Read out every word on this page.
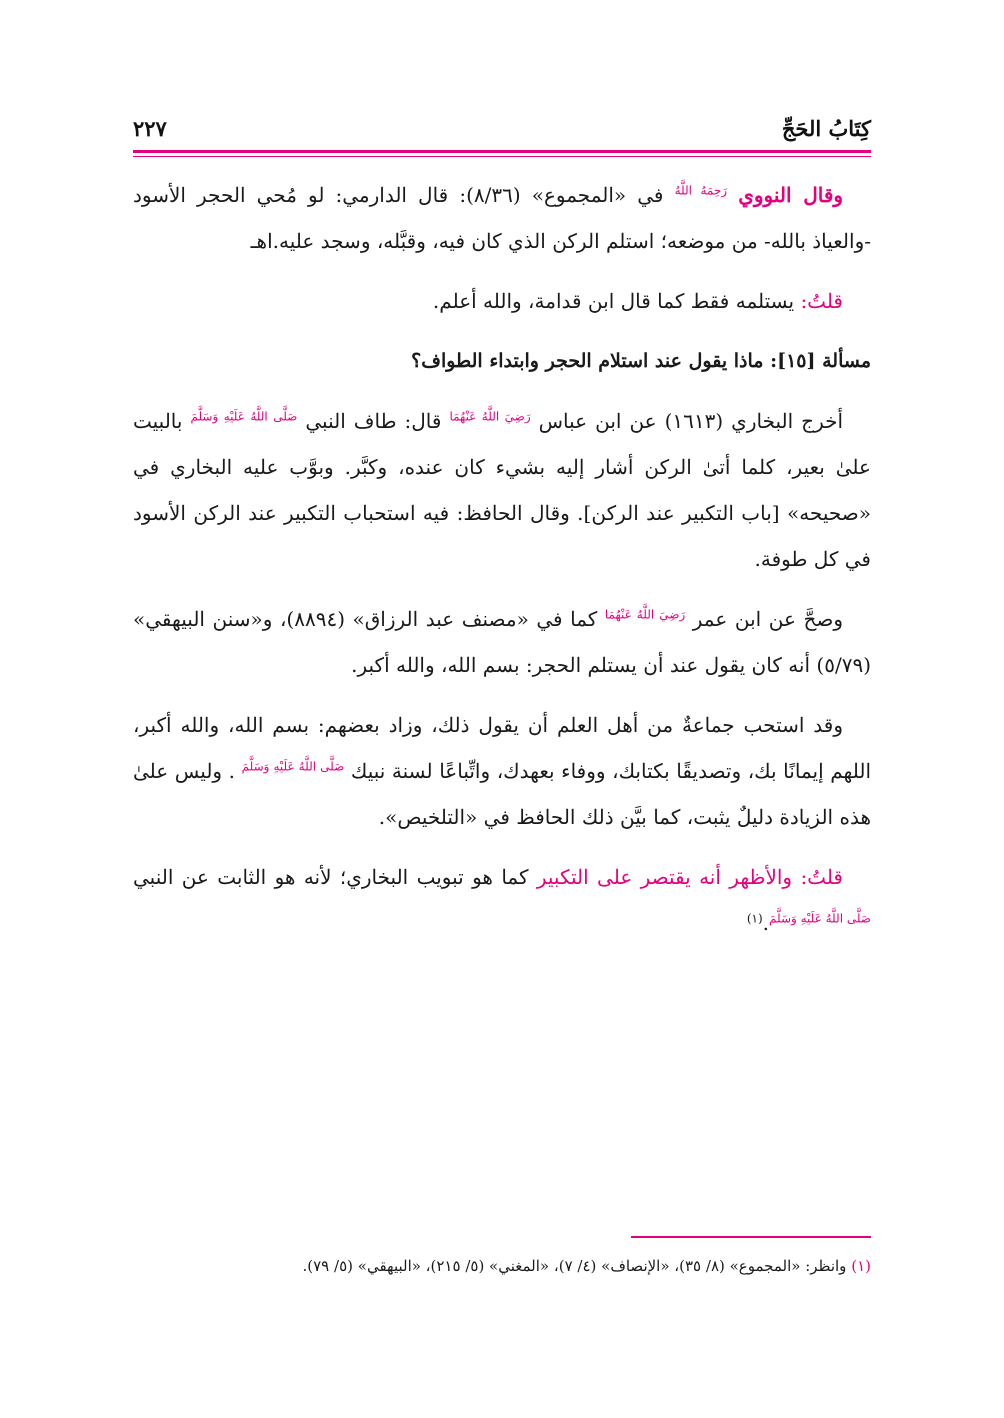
كِتَابُ الحَجِّ
٢٢٧

وقال النووي $^{رَحِمَهُ اللَّهُ}$ في «المجموع» (٨/٣٦): قال الدارمي: لو مُحي الحجر الأسود -والعياذ بالله- من موضعه؛ استلم الركن الذي كان فيه، وقبَّله، وسجد عليه.اهـ

قلتُ: يستلمه فقط كما قال ابن قدامة، والله أعلم.

مسألة [١٥]: ماذا يقول عند استلام الحجر وابتداء الطواف؟

أخرج البخاري (١٦١٣) عن ابن عباس $^{رَضِيَ اللَّهُ عَنْهُمَا}$ قال: طاف النبي $^{صَلَّى اللَّهُ عَلَيْهِ وَسَلَّمَ}$ بالبيت علىٰ بعير، كلما أتىٰ الركن أشار إليه بشيء كان عنده، وكبَّر. وبوَّب عليه البخاري في «صحيحه» [باب التكبير عند الركن]. وقال الحافظ: فيه استحباب التكبير عند الركن الأسود في كل طوفة.

وصحَّ عن ابن عمر $^{رَضِيَ اللَّهُ عَنْهُمَا}$ كما في «مصنف عبد الرزاق» (٨٨٩٤)، و«سنن البيهقي» (٥/٧٩) أنه كان يقول عند أن يستلم الحجر: بسم الله، والله أكبر.

وقد استحب جماعةٌ من أهل العلم أن يقول ذلك، وزاد بعضهم: بسم الله، والله أكبر، اللهم إيمانًا بك، وتصديقًا بكتابك، ووفاء بعهدك، واتِّباعًا لسنة نبيك $^{صَلَّى اللَّهُ عَلَيْهِ وَسَلَّمَ}$ . وليس علىٰ هذه الزيادة دليلٌ يثبت، كما بيَّن ذلك الحافظ في «التلخيص».

قلتُ: والأظهر أنه يقتصر على التكبير كما هو تبويب البخاري؛ لأنه هو الثابت عن النبي $^{صَلَّى اللَّهُ عَلَيْهِ وَسَلَّمَ}$.$^{(١)}$

(١) وانظر: «المجموع» (٨/ ٣٥)، «الإنصاف» (٤/ ٧)، «المغني» (٥/ ٢١٥)، «البيهقي» (٥/ ٧٩).
